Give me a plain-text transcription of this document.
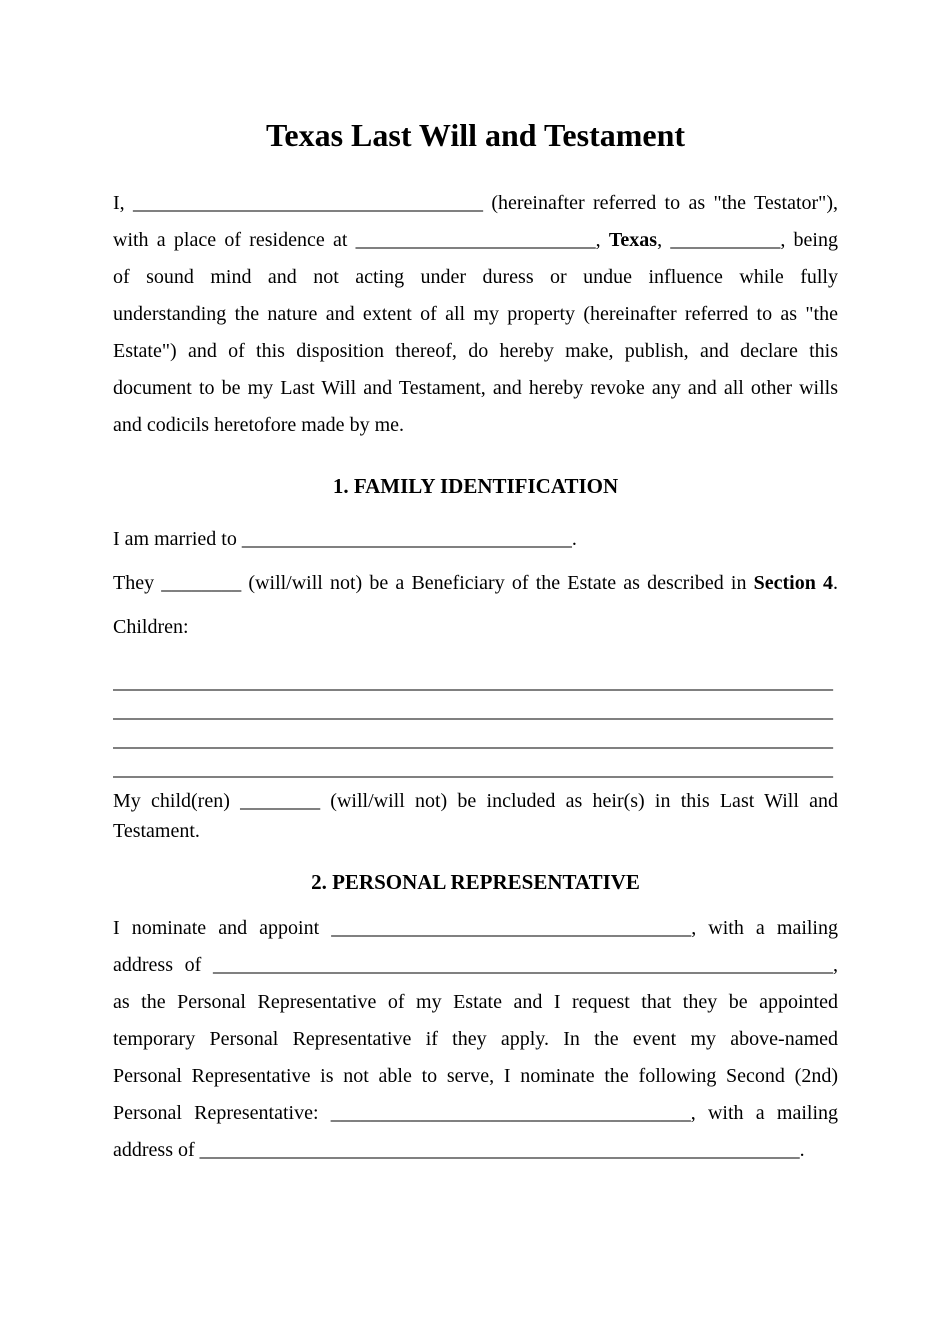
Texas Last Will and Testament
I, ___________________________________ (hereinafter referred to as "the Testator"),
with a place of residence at ________________________, Texas, ___________, being
of sound mind and not acting under duress or undue influence while fully
understanding the nature and extent of all my property (hereinafter referred to as "the
Estate") and of this disposition thereof, do hereby make, publish, and declare this
document to be my Last Will and Testament, and hereby revoke any and all other wills
and codicils heretofore made by me.
1. FAMILY IDENTIFICATION
I am married to _________________________________.
They ________ (will/will not) be a Beneficiary of the Estate as described in Section 4.
Children:
________________________________________________________________________
________________________________________________________________________
________________________________________________________________________
________________________________________________________________________
My child(ren) ________ (will/will not) be included as heir(s) in this Last Will and
Testament.
2. PERSONAL REPRESENTATIVE
I nominate and appoint ____________________________________, with a mailing
address of ______________________________________________________________,
as the Personal Representative of my Estate and I request that they be appointed
temporary Personal Representative if they apply. In the event my above-named
Personal Representative is not able to serve, I nominate the following Second (2nd)
Personal Representative: ____________________________________, with a mailing
address of ____________________________________________________________.
